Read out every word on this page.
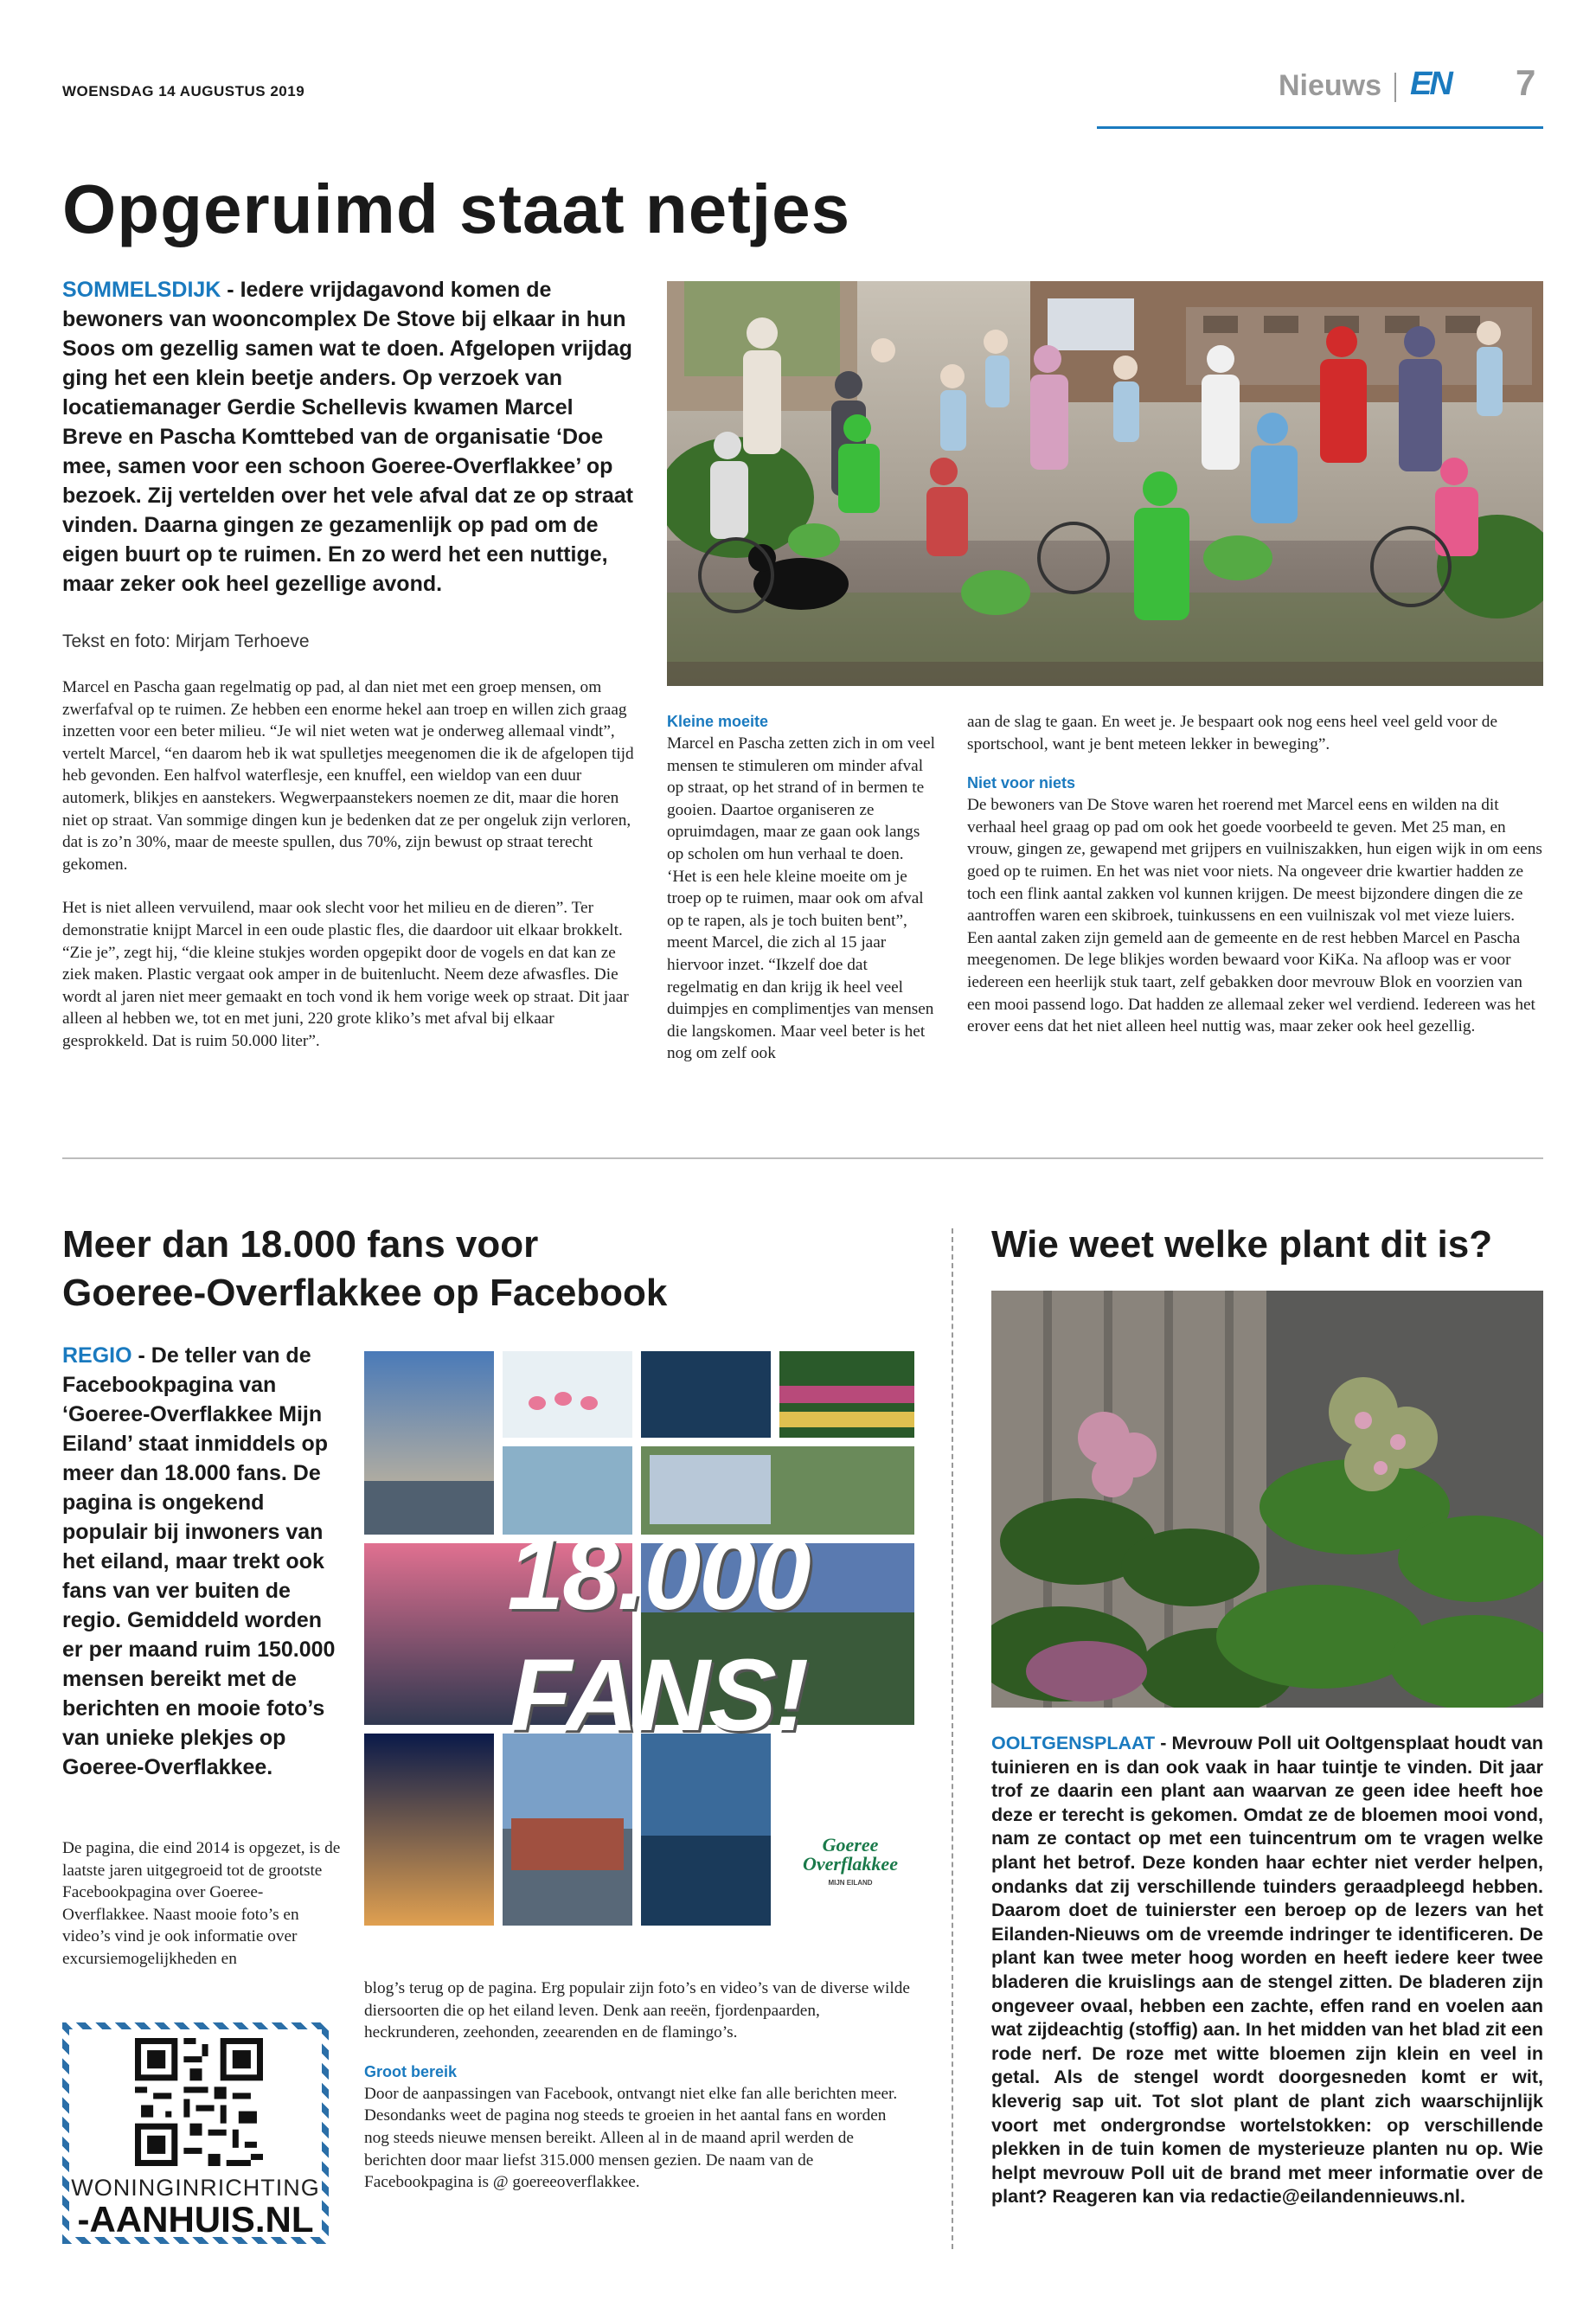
WOENSDAG 14 AUGUSTUS 2019	Nieuws EN	7
Opgeruimd staat netjes
SOMMELSDIJK - Iedere vrijdagavond komen de bewoners van wooncomplex De Stove bij elkaar in hun Soos om gezellig samen wat te doen. Afgelopen vrijdag ging het een klein beetje anders. Op verzoek van locatiemanager Gerdie Schellevis kwamen Marcel Breve en Pascha Komttebed van de organisatie ‘Doe mee, samen voor een schoon Goeree-Overflakkee’ op bezoek. Zij vertelden over het vele afval dat ze op straat vinden. Daarna gingen ze gezamenlijk op pad om de eigen buurt op te ruimen. En zo werd het een nuttige, maar zeker ook heel gezellige avond.
Tekst en foto: Mirjam Terhoeve

Marcel en Pascha gaan regelmatig op pad, al dan niet met een groep mensen, om zwerfafval op te ruimen. Ze hebben een enorme hekel aan troep en willen zich graag inzetten voor een beter milieu. “Je wil niet weten wat je onderweg allemaal vindt”, vertelt Marcel, “en daarom heb ik wat spulletjes meegenomen die ik de afgelopen tijd heb gevonden. Een halfvol waterflesje, een knuffel, een wieldop van een duur automerk, blikjes en aanstekers. Wegwerpaanstekers noemen ze dit, maar die horen niet op straat. Van sommige dingen kun je bedenken dat ze per ongeluk zijn verloren, dat is zo’n 30%, maar de meeste spullen, dus 70%, zijn bewust op straat terecht gekomen.

Het is niet alleen vervuilend, maar ook slecht voor het milieu en de dieren”. Ter demonstratie knijpt Marcel in een oude plastic fles, die daardoor uit elkaar brokkelt. “Zie je”, zegt hij, “die kleine stukjes worden opgepikt door de vogels en dat kan ze ziek maken. Plastic vergaat ook amper in de buitenlucht. Neem deze afwasfles. Die wordt al jaren niet meer gemaakt en toch vond ik hem vorige week op straat. Dit jaar alleen al hebben we, tot en met juni, 220 grote kliko’s met afval bij elkaar gesprokkeld. Dat is ruim 50.000 liter”.

Kleine moeite
Marcel en Pascha zetten zich in om veel mensen te stimuleren om minder afval op straat, op het strand of in bermen te gooien. Daartoe organiseren ze opruimdagen, maar ze gaan ook langs op scholen om hun verhaal te doen. ‘Het is een hele kleine moeite om je troep op te ruimen, maar ook om afval op te rapen, als je toch buiten bent”, meent Marcel, die zich al 15 jaar hiervoor inzet. “Ikzelf doe dat regelmatig en dan krijg ik heel veel duimpjes en complimentjes van mensen die langskomen. Maar veel beter is het nog om zelf ook
aan de slag te gaan. En weet je. Je bespaart ook nog eens heel veel geld voor de sportschool, want je bent meteen lekker in beweging”.
Niet voor niets
De bewoners van De Stove waren het roerend met Marcel eens en wilden na dit verhaal heel graag op pad om ook het goede voorbeeld te geven. Met 25 man, en vrouw, gingen ze, gewapend met grijpers en vuilniszakken, hun eigen wijk in om eens goed op te ruimen. En het was niet voor niets. Na ongeveer drie kwartier hadden ze toch een flink aantal zakken vol kunnen krijgen. De meest bijzondere dingen die ze aantroffen waren een skibroek, tuinkussens en een vuilniszak vol met vieze luiers. Een aantal zaken zijn gemeld aan de gemeente en de rest hebben Marcel en Pascha meegenomen. De lege blikjes worden bewaard voor KiKa. Na afloop was er voor iedereen een heerlijk stuk taart, zelf gebakken door mevrouw Blok en voorzien van een mooi passend logo. Dat hadden ze allemaal zeker wel verdiend. Iedereen was het erover eens dat het niet alleen heel nuttig was, maar zeker ook heel gezellig.
Meer dan 18.000 fans voor
Goeree-Overflakkee op Facebook
REGIO - De teller van de Facebookpagina van ‘Goeree-Overflakkee Mijn Eiland’ staat inmiddels op meer dan 18.000 fans. De pagina is ongekend populair bij inwoners van het eiland, maar trekt ook fans van ver buiten de regio. Gemiddeld worden er per maand ruim 150.000 mensen bereikt met de berichten en mooie foto’s van unieke plekjes op Goeree-Overflakkee.
De pagina, die eind 2014 is opgezet, is de laatste jaren uitgegroeid tot de grootste Facebookpagina over Goeree-Overflakkee. Naast mooie foto’s en video’s vind je ook informatie over excursiemogelijkheden en
18.000
FANS!
Goeree
Overflakkee
MIJN EILAND
blog’s terug op de pagina. Erg populair zijn foto’s en video’s van de diverse wilde diersoorten die op het eiland leven. Denk aan reeën, fjordenpaarden, heckrunderen, zeehonden, zeearenden en de flamingo’s.
Groot bereik
Door de aanpassingen van Facebook, ontvangt niet elke fan alle berichten meer. Desondanks weet de pagina nog steeds te groeien in het aantal fans en worden nog steeds nieuwe mensen bereikt. Alleen al in de maand april werden de berichten door maar liefst 315.000 mensen gezien. De naam van de Facebookpagina is @ goereeoverflakkee.
WONINGINRICHTING
-AANHUIS.NL
Wie weet welke plant dit is?
OOLTGENSPLAAT - Mevrouw Poll uit Ooltgensplaat houdt van tuinieren en is dan ook vaak in haar tuintje te vinden. Dit jaar trof ze daarin een plant aan waarvan ze geen idee heeft hoe deze er terecht is gekomen. Omdat ze de bloemen mooi vond, nam ze contact op met een tuincentrum om te vragen welke plant het betrof. Deze konden haar echter niet verder helpen, ondanks dat zij verschillende tuinders geraadpleegd hebben. Daarom doet de tuinierster een beroep op de lezers van het Eilanden-Nieuws om de vreemde indringer te identificeren. De plant kan twee meter hoog worden en heeft iedere keer twee bladeren die kruislings aan de stengel zitten. De bladeren zijn ongeveer ovaal, hebben een zachte, effen rand en voelen aan wat zijdeachtig (stoffig) aan. In het midden van het blad zit een rode nerf. De roze met witte bloemen zijn klein en veel in getal. Als de stengel wordt doorgesneden komt er wit, kleverig sap uit. Tot slot plant de plant zich waarschijnlijk voort met ondergrondse wortelstokken: op verschillende plekken in de tuin komen de mysterieuze planten nu op. Wie helpt mevrouw Poll uit de brand met meer informatie over de plant? Reageren kan via redactie@eilandennieuws.nl.
